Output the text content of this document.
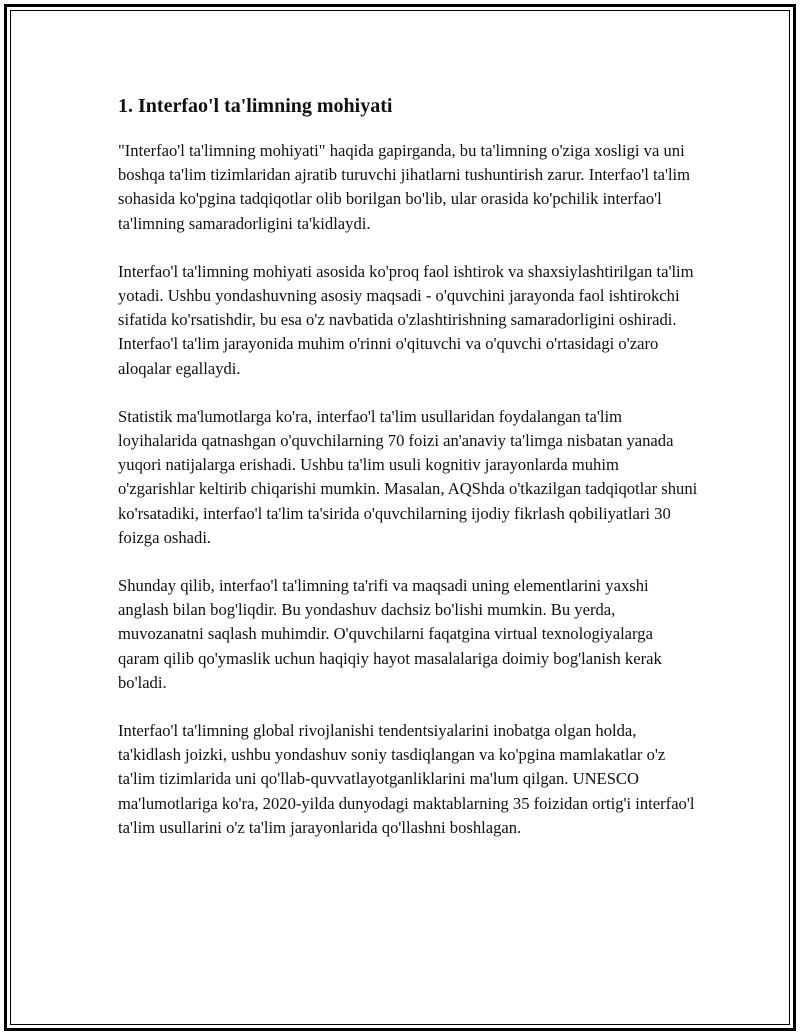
1. Interfao'l ta'limning mohiyati

"Interfao'l ta'limning mohiyati" haqida gapirganda, bu ta'limning o'ziga xosligi va uni boshqa ta'lim tizimlaridan ajratib turuvchi jihatlarni tushuntirish zarur. Interfao'l ta'lim sohasida ko'pgina tadqiqotlar olib borilgan bo'lib, ular orasida ko'pchilik interfao'l ta'limning samaradorligini ta'kidlaydi.

Interfao'l ta'limning mohiyati asosida ko'proq faol ishtirok va shaxsiylashtirilgan ta'lim yotadi. Ushbu yondashuvning asosiy maqsadi - o'quvchini jarayonda faol ishtirokchi sifatida ko'rsatishdir, bu esa o'z navbatida o'zlashtirishning samaradorligini oshiradi. Interfao'l ta'lim jarayonida muhim o'rinni o'qituvchi va o'quvchi o'rtasidagi o'zaro aloqalar egallaydi.

Statistik ma'lumotlarga ko'ra, interfao'l ta'lim usullaridan foydalangan ta'lim loyihalarida qatnashgan o'quvchilarning 70 foizi an'anaviy ta'limga nisbatan yanada yuqori natijalarga erishadi. Ushbu ta'lim usuli kognitiv jarayonlarda muhim o'zgarishlar keltirib chiqarishi mumkin. Masalan, AQShda o'tkazilgan tadqiqotlar shuni ko'rsatadiki, interfao'l ta'lim ta'sirida o'quvchilarning ijodiy fikrlash qobiliyatlari 30 foizga oshadi.

Shunday qilib, interfao'l ta'limning ta'rifi va maqsadi uning elementlarini yaxshi anglash bilan bog'liqdir. Bu yondashuv dachsiz bo'lishi mumkin. Bu yerda, muvozanatni saqlash muhimdir. O'quvchilarni faqatgina virtual texnologiyalarga qaram qilib qo'ymaslik uchun haqiqiy hayot masalalariga doimiy bog'lanish kerak bo'ladi.

Interfao'l ta'limning global rivojlanishi tendentsiyalarini inobatga olgan holda, ta'kidlash joizki, ushbu yondashuv soniy tasdiqlangan va ko'pgina mamlakatlar o'z ta'lim tizimlarida uni qo'llab-quvvatlayotganliklarini ma'lum qilgan. UNESCO ma'lumotlariga ko'ra, 2020-yilda dunyodagi maktablarning 35 foizidan ortig'i interfao'l ta'lim usullarini o'z ta'lim jarayonlarida qo'llashni boshlagan.
